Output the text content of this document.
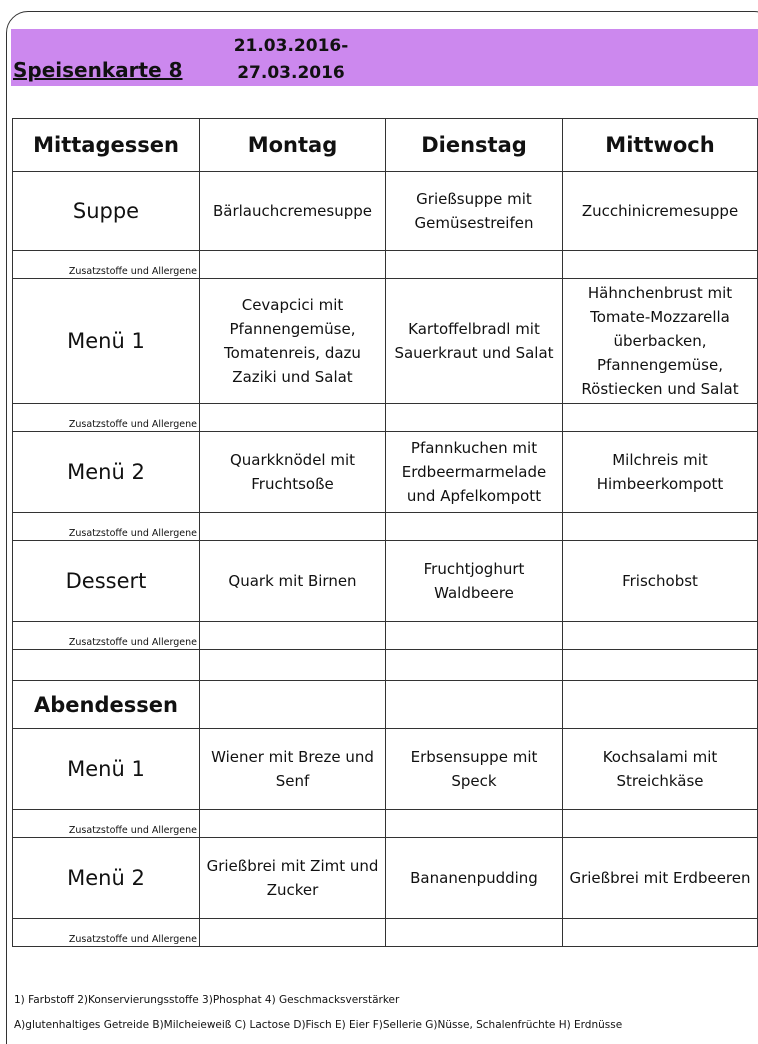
Speisenkarte 8
21.03.2016-
27.03.2016
Mittagessen	Montag	Dienstag	Mittwoch	
Suppe	Bärlauchcremesuppe	Grießsuppe mit Gemüsestreifen	Zucchinicremesuppe	
Zusatzstoffe und Allergene				
Menü 1	Cevapcici mit Pfannengemüse, Tomatenreis, dazu Zaziki und Salat	Kartoffelbradl mit Sauerkraut und Salat	Hähnchenbrust mit Tomate-Mozzarella überbacken, Pfannengemüse, Röstiecken und Salat	
Zusatzstoffe und Allergene				
Menü 2	Quarkknödel mit Fruchtsoße	Pfannkuchen mit Erdbeermarmelade und Apfelkompott	Milchreis mit Himbeerkompott	
Zusatzstoffe und Allergene				
Dessert	Quark mit Birnen	Fruchtjoghurt Waldbeere	Frischobst	
Zusatzstoffe und Allergene				

Abendessen				
Menü 1	Wiener mit Breze und Senf	Erbsensuppe mit Speck	Kochsalami mit Streichkäse	
Zusatzstoffe und Allergene				
Menü 2	Grießbrei mit Zimt und Zucker	Bananenpudding	Grießbrei mit Erdbeeren	
Zusatzstoffe und Allergene				
1) Farbstoff 2)Konservierungsstoffe 3)Phosphat 4) Geschmacksverstärker
A)glutenhaltiges Getreide B)Milcheieweiß C) Lactose D)Fisch E) Eier F)Sellerie G)Nüsse, Schalenfrüchte H) Erdnüsse
